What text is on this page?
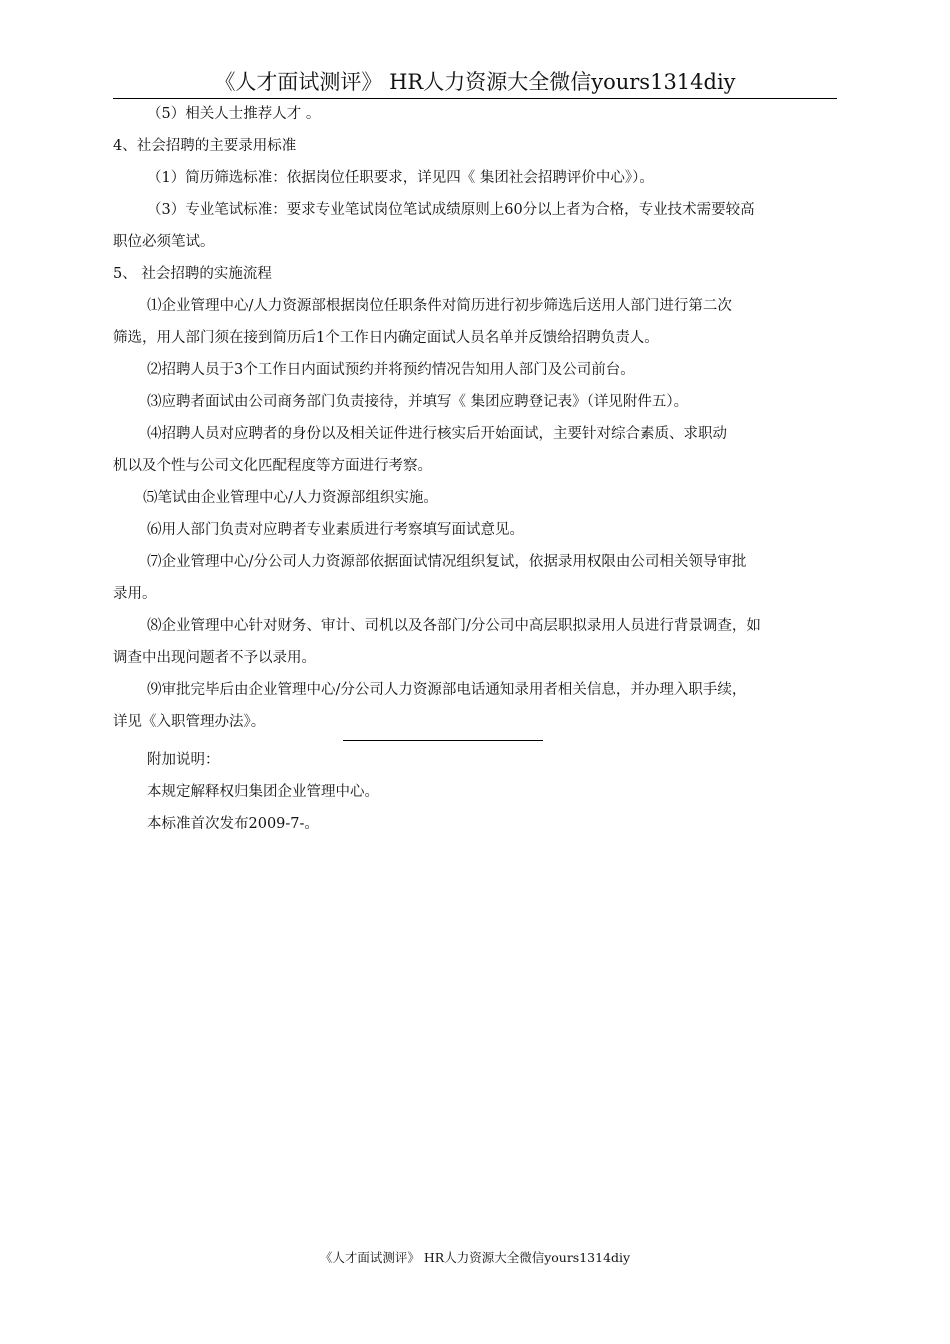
《人才面试测评》 HR人力资源大全微信yours1314diy

（5）相关人士推荐人才 。

4、社会招聘的主要录用标准

（1）简历筛选标准：依据岗位任职要求，详见四《 集团社会招聘评价中心》）。

（3）专业笔试标准：要求专业笔试岗位笔试成绩原则上60分以上者为合格，专业技术需要较高
职位必须笔试。

5、 社会招聘的实施流程

⑴企业管理中心/人力资源部根据岗位任职条件对简历进行初步筛选后送用人部门进行第二次
筛选，用人部门须在接到简历后1个工作日内确定面试人员名单并反馈给招聘负责人。

⑵招聘人员于3个工作日内面试预约并将预约情况告知用人部门及公司前台。

⑶应聘者面试由公司商务部门负责接待，并填写《 集团应聘登记表》（详见附件五）。

⑷招聘人员对应聘者的身份以及相关证件进行核实后开始面试，主要针对综合素质、求职动
机以及个性与公司文化匹配程度等方面进行考察。

⑸笔试由企业管理中心/人力资源部组织实施。

⑹用人部门负责对应聘者专业素质进行考察填写面试意见。

⑺企业管理中心/分公司人力资源部依据面试情况组织复试，依据录用权限由公司相关领导审批
录用。

⑻企业管理中心针对财务、审计、司机以及各部门/分公司中高层职拟录用人员进行背景调查，如
调查中出现问题者不予以录用。

⑼审批完毕后由企业管理中心/分公司人力资源部电话通知录用者相关信息，并办理入职手续，
详见《入职管理办法》。

附加说明：

本规定解释权归集团企业管理中心。

本标准首次发布2009-7-。

《人才面试测评》 HR人力资源大全微信yours1314diy
